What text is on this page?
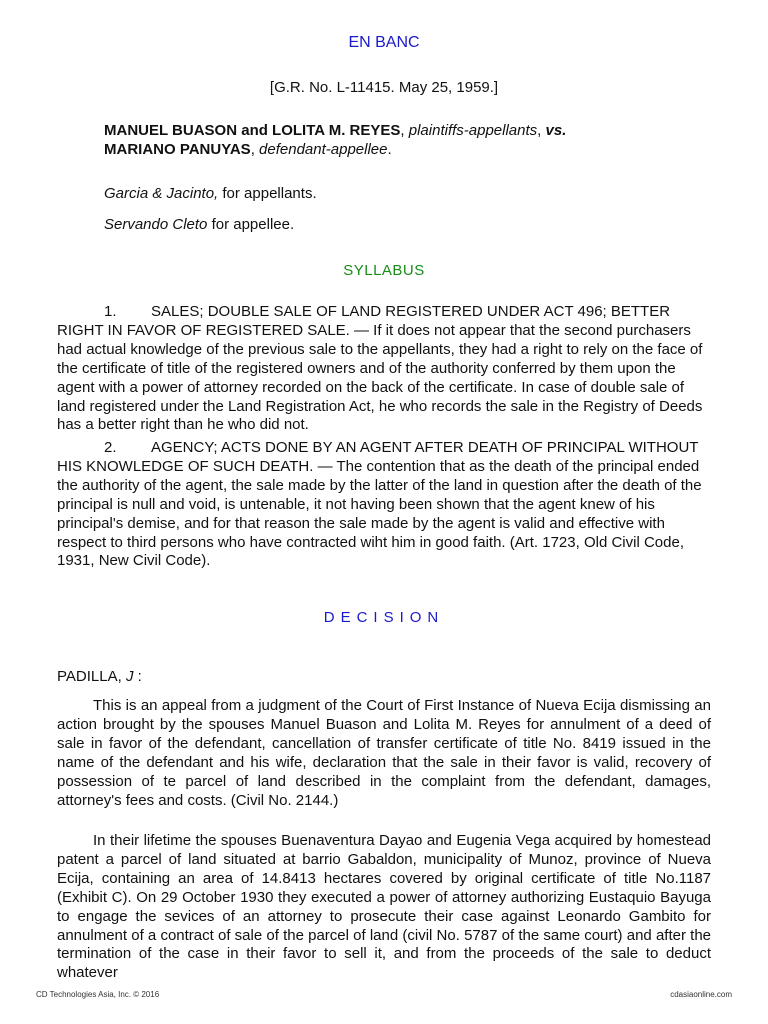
EN BANC
[G.R. No. L-11415. May 25, 1959.]
MANUEL BUASON and LOLITA M. REYES, plaintiffs-appellants, vs.
MARIANO PANUYAS, defendant-appellee.
Garcia & Jacinto, for appellants.
Servando Cleto for appellee.
SYLLABUS
1. SALES; DOUBLE SALE OF LAND REGISTERED UNDER ACT 496; BETTER RIGHT IN FAVOR OF REGISTERED SALE. — If it does not appear that the second purchasers had actual knowledge of the previous sale to the appellants, they had a right to rely on the face of the certificate of title of the registered owners and of the authority conferred by them upon the agent with a power of attorney recorded on the back of the certificate. In case of double sale of land registered under the Land Registration Act, he who records the sale in the Registry of Deeds has a better right than he who did not.
2. AGENCY; ACTS DONE BY AN AGENT AFTER DEATH OF PRINCIPAL WITHOUT HIS KNOWLEDGE OF SUCH DEATH. — The contention that as the death of the principal ended the authority of the agent, the sale made by the latter of the land in question after the death of the principal is null and void, is untenable, it not having been shown that the agent knew of his principal's demise, and for that reason the sale made by the agent is valid and effective with respect to third persons who have contracted wiht him in good faith. (Art. 1723, Old Civil Code, 1931, New Civil Code).
DECISION
PADILLA, J :
This is an appeal from a judgment of the Court of First Instance of Nueva Ecija dismissing an action brought by the spouses Manuel Buason and Lolita M. Reyes for annulment of a deed of sale in favor of the defendant, cancellation of transfer certificate of title No. 8419 issued in the name of the defendant and his wife, declaration that the sale in their favor is valid, recovery of possession of te parcel of land described in the complaint from the defendant, damages, attorney's fees and costs. (Civil No. 2144.)
In their lifetime the spouses Buenaventura Dayao and Eugenia Vega acquired by homestead patent a parcel of land situated at barrio Gabaldon, municipality of Munoz, province of Nueva Ecija, containing an area of 14.8413 hectares covered by original certificate of title No.1187 (Exhibit C). On 29 October 1930 they executed a power of attorney authorizing Eustaquio Bayuga to engage the sevices of an attorney to prosecute their case against Leonardo Gambito for annulment of a contract of sale of the parcel of land (civil No. 5787 of the same court) and after the termination of the case in their favor to sell it, and from the proceeds of the sale to deduct whatever
CD Technologies Asia, Inc. © 2016	cdasiaonline.com
